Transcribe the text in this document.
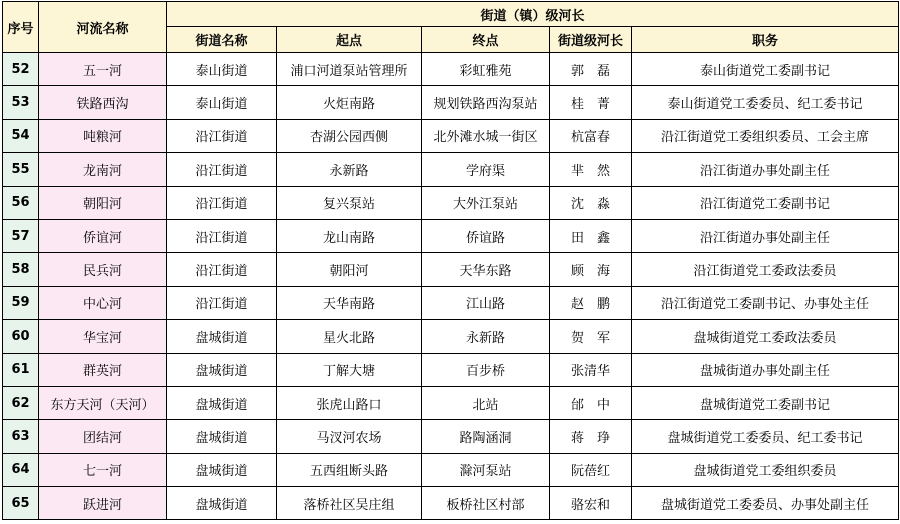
序号	河流名称	街道（镇）级河长				
		街道名称	起点	终点	街道级河长	职务
52	五一河	泰山街道	浦口河道泵站管理所	彩虹雅苑	郭　磊	泰山街道党工委副书记
53	铁路西沟	泰山街道	火炬南路	规划铁路西沟泵站	桂　菁	泰山街道党工委委员、纪工委书记
54	吨粮河	沿江街道	杏湖公园西侧	北外滩水城一街区	杭富春	沿江街道党工委组织委员、工会主席
55	龙南河	沿江街道	永新路	学府渠	芈　然	沿江街道办事处副主任
56	朝阳河	沿江街道	复兴泵站	大外江泵站	沈　淼	沿江街道党工委副书记
57	侨谊河	沿江街道	龙山南路	侨谊路	田　鑫	沿江街道办事处副主任
58	民兵河	沿江街道	朝阳河	天华东路	顾　海	沿江街道党工委政法委员
59	中心河	沿江街道	天华南路	江山路	赵　鹏	沿江街道党工委副书记、办事处主任
60	华宝河	盘城街道	星火北路	永新路	贺　军	盘城街道党工委政法委员
61	群英河	盘城街道	丁解大塘	百步桥	张清华	盘城街道办事处副主任
62	东方天河（天河）	盘城街道	张虎山路口	北站	邰　中	盘城街道党工委副书记
63	团结河	盘城街道	马汊河农场	路陶涵洞	蒋　琤	盘城街道党工委委员、纪工委书记
64	七一河	盘城街道	五西组断头路	滁河泵站	阮蓓红	盘城街道党工委组织委员
65	跃进河	盘城街道	落桥社区吴庄组	板桥社区村部	骆宏和	盘城街道党工委委员、办事处副主任
